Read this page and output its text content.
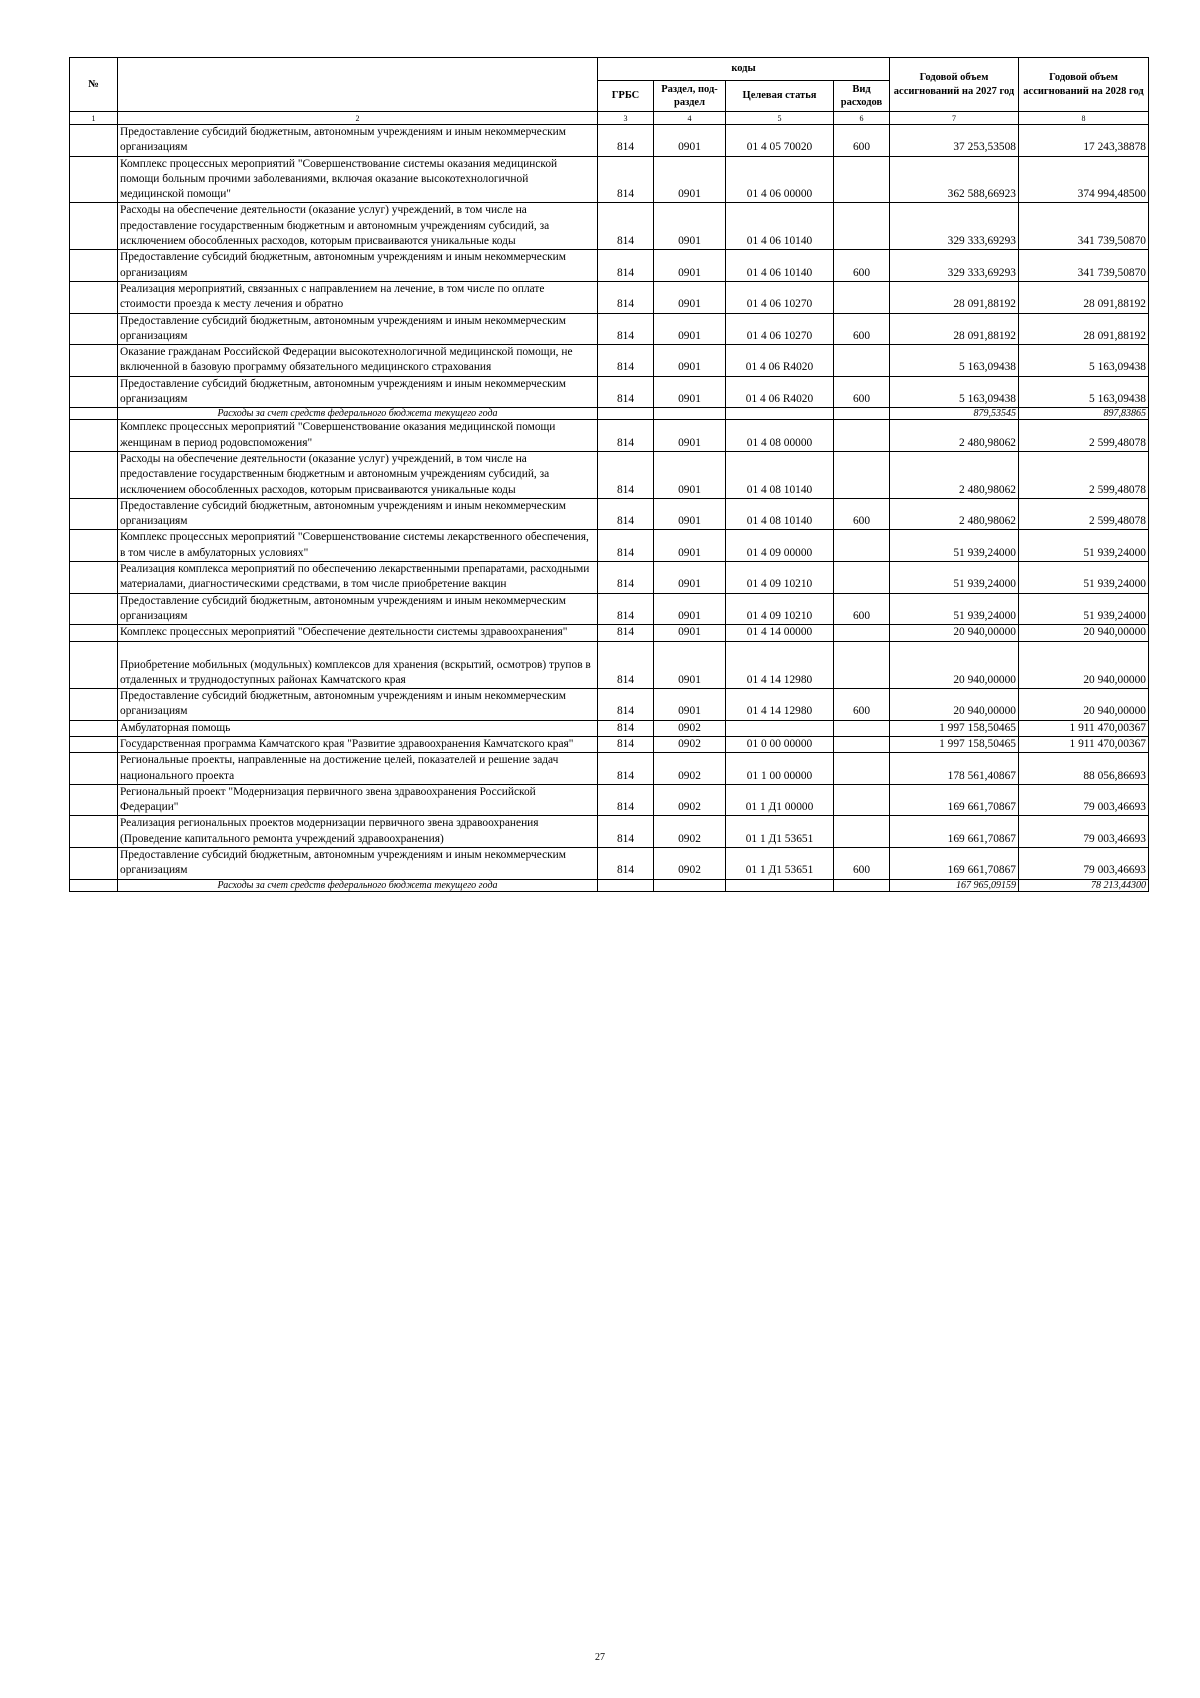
№		коды				Годовой объем ассигнований на 2027 год	Годовой объем ассигнований на 2028 год
		ГРБС	Раздел, под-раздел	Целевая статья	Вид расходов		
1	2	3	4	5	6	7	8
	Предоставление субсидий бюджетным, автономным учреждениям и иным некоммерческим организациям	814	0901	01 4 05 70020	600	37 253,53508	17 243,38878
	Комплекс процессных мероприятий "Совершенствование системы оказания медицинской помощи больным прочими заболеваниями, включая оказание высокотехнологичной медицинской помощи"	814	0901	01 4 06 00000		362 588,66923	374 994,48500
	Расходы на обеспечение деятельности (оказание услуг) учреждений, в том числе на предоставление государственным бюджетным и автономным учреждениям субсидий, за исключением обособленных расходов, которым присваиваются уникальные коды	814	0901	01 4 06 10140		329 333,69293	341 739,50870
	Предоставление субсидий бюджетным, автономным учреждениям и иным некоммерческим организациям	814	0901	01 4 06 10140	600	329 333,69293	341 739,50870
	Реализация мероприятий, связанных с направлением на лечение, в том числе по оплате стоимости проезда к месту лечения и обратно	814	0901	01 4 06 10270		28 091,88192	28 091,88192
	Предоставление субсидий бюджетным, автономным учреждениям и иным некоммерческим организациям	814	0901	01 4 06 10270	600	28 091,88192	28 091,88192
	Оказание гражданам Российской Федерации высокотехнологичной медицинской помощи, не включенной в базовую программу обязательного медицинского страхования	814	0901	01 4 06 R4020		5 163,09438	5 163,09438
	Предоставление субсидий бюджетным, автономным учреждениям и иным некоммерческим организациям	814	0901	01 4 06 R4020	600	5 163,09438	5 163,09438
	Расходы за счет средств федерального бюджета текущего года					879,53545	897,83865
	Комплекс процессных мероприятий "Совершенствование оказания медицинской помощи женщинам в период родовспоможения"	814	0901	01 4 08 00000		2 480,98062	2 599,48078
	Расходы на обеспечение деятельности (оказание услуг) учреждений, в том числе на предоставление государственным бюджетным и автономным учреждениям субсидий, за исключением обособленных расходов, которым присваиваются уникальные коды	814	0901	01 4 08 10140		2 480,98062	2 599,48078
	Предоставление субсидий бюджетным, автономным учреждениям и иным некоммерческим организациям	814	0901	01 4 08 10140	600	2 480,98062	2 599,48078
	Комплекс процессных мероприятий "Совершенствование системы лекарственного обеспечения, в том числе в амбулаторных условиях"	814	0901	01 4 09 00000		51 939,24000	51 939,24000
	Реализация комплекса мероприятий по обеспечению лекарственными препаратами, расходными материалами, диагностическими средствами, в том числе приобретение вакцин	814	0901	01 4 09 10210		51 939,24000	51 939,24000
	Предоставление субсидий бюджетным, автономным учреждениям и иным некоммерческим организациям	814	0901	01 4 09 10210	600	51 939,24000	51 939,24000
	Комплекс процессных мероприятий "Обеспечение деятельности системы здравоохранения"	814	0901	01 4 14 00000		20 940,00000	20 940,00000
	Приобретение мобильных (модульных) комплексов для хранения (вскрытий, осмотров) трупов в отдаленных и труднодоступных районах Камчатского края	814	0901	01 4 14 12980		20 940,00000	20 940,00000
	Предоставление субсидий бюджетным, автономным учреждениям и иным некоммерческим организациям	814	0901	01 4 14 12980	600	20 940,00000	20 940,00000
	Амбулаторная помощь	814	0902			1 997 158,50465	1 911 470,00367
	Государственная программа Камчатского края "Развитие здравоохранения Камчатского края"	814	0902	01 0 00 00000		1 997 158,50465	1 911 470,00367
	Региональные проекты, направленные на достижение целей, показателей и решение задач национального проекта	814	0902	01 1 00 00000		178 561,40867	88 056,86693
	Региональный проект "Модернизация первичного звена здравоохранения Российской Федерации"	814	0902	01 1 Д1 00000		169 661,70867	79 003,46693
	Реализация региональных проектов модернизации первичного звена здравоохранения (Проведение капитального ремонта учреждений здравоохранения)	814	0902	01 1 Д1 53651		169 661,70867	79 003,46693
	Предоставление субсидий бюджетным, автономным учреждениям и иным некоммерческим организациям	814	0902	01 1 Д1 53651	600	169 661,70867	79 003,46693
	Расходы за счет средств федерального бюджета текущего года					167 965,09159	78 213,44300
27
